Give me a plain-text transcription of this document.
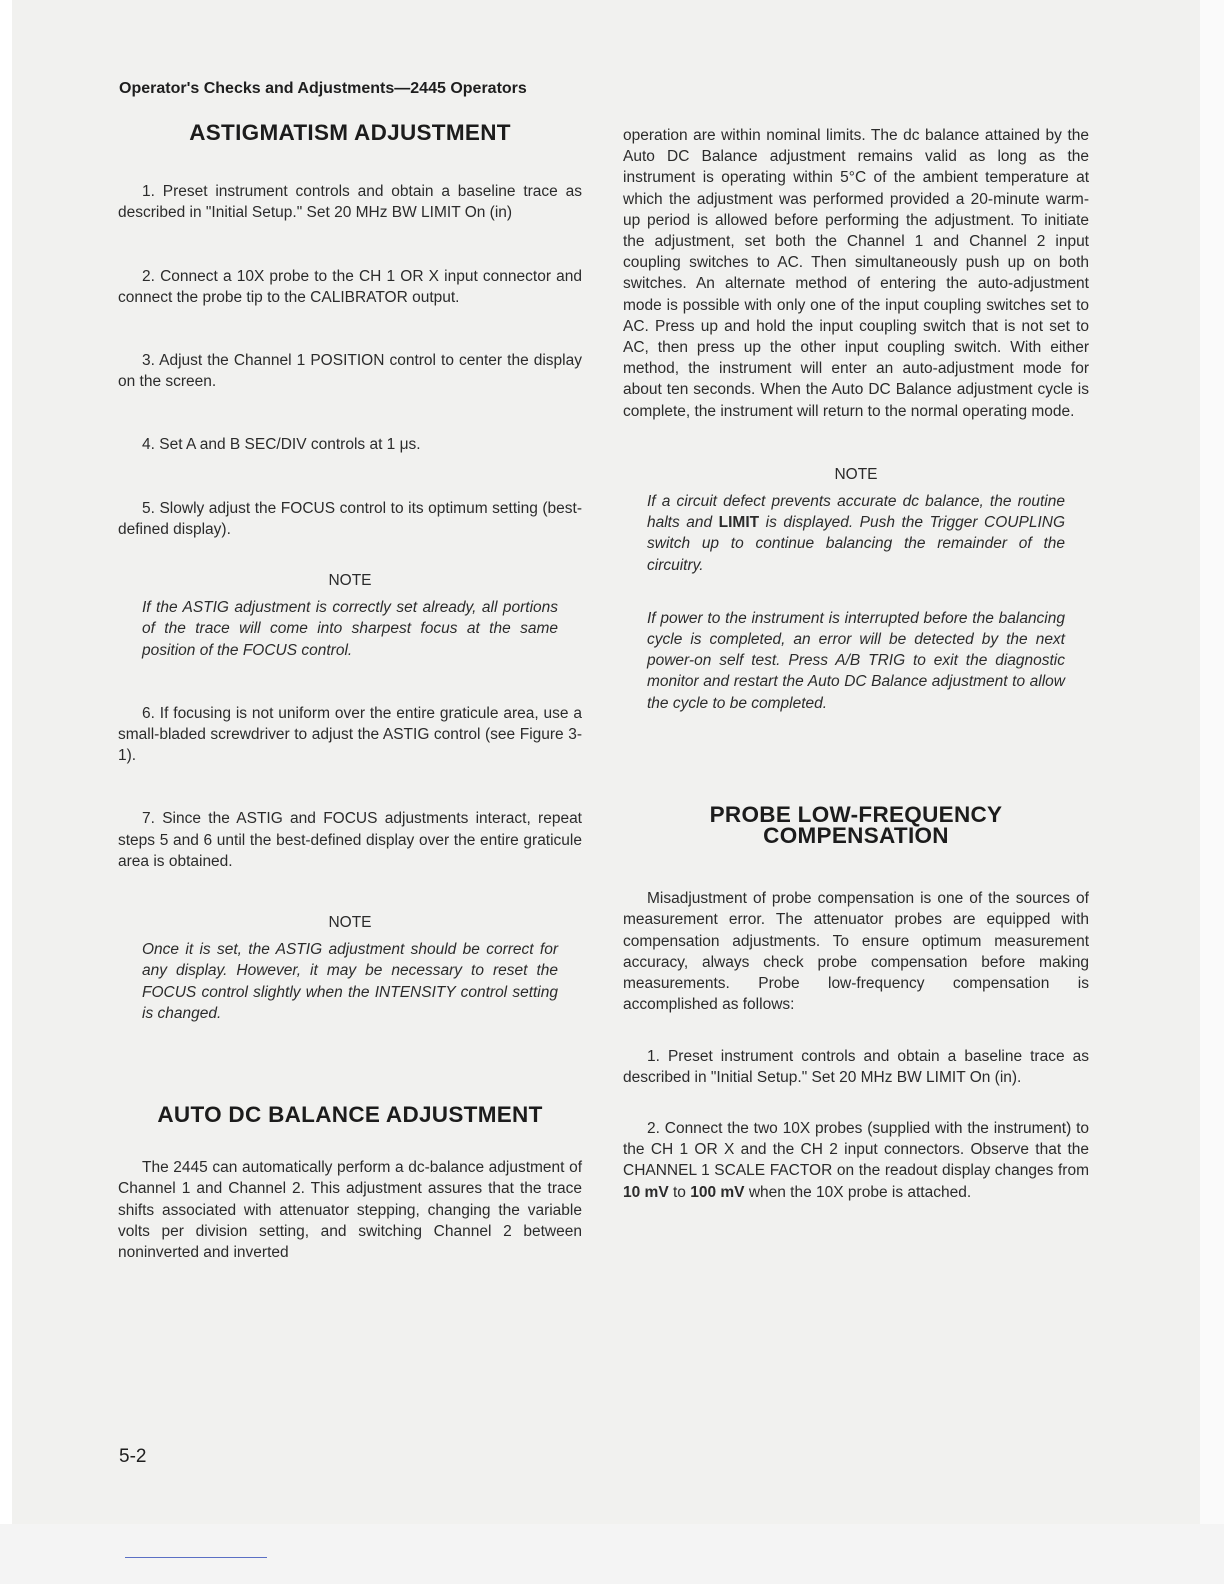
Operator's Checks and Adjustments—2445 Operators

ASTIGMATISM ADJUSTMENT

1. Preset instrument controls and obtain a baseline trace as described in "Initial Setup." Set 20 MHz BW LIMIT On (in)

2. Connect a 10X probe to the CH 1 OR X input connector and connect the probe tip to the CALIBRATOR output.

3. Adjust the Channel 1 POSITION control to center the display on the screen.

4. Set A and B SEC/DIV controls at 1 μs.

5. Slowly adjust the FOCUS control to its optimum setting (best-defined display).

NOTE

If the ASTIG adjustment is correctly set already, all portions of the trace will come into sharpest focus at the same position of the FOCUS control.

6. If focusing is not uniform over the entire graticule area, use a small-bladed screwdriver to adjust the ASTIG control (see Figure 3-1).

7. Since the ASTIG and FOCUS adjustments interact, repeat steps 5 and 6 until the best-defined display over the entire graticule area is obtained.

NOTE

Once it is set, the ASTIG adjustment should be correct for any display. However, it may be necessary to reset the FOCUS control slightly when the INTENSITY control setting is changed.

AUTO DC BALANCE ADJUSTMENT

The 2445 can automatically perform a dc-balance adjustment of Channel 1 and Channel 2. This adjustment assures that the trace shifts associated with attenuator stepping, changing the variable volts per division setting, and switching Channel 2 between noninverted and inverted

operation are within nominal limits. The dc balance attained by the Auto DC Balance adjustment remains valid as long as the instrument is operating within 5°C of the ambient temperature at which the adjustment was performed provided a 20-minute warm-up period is allowed before performing the adjustment. To initiate the adjustment, set both the Channel 1 and Channel 2 input coupling switches to AC. Then simultaneously push up on both switches. An alternate method of entering the auto-adjustment mode is possible with only one of the input coupling switches set to AC. Press up and hold the input coupling switch that is not set to AC, then press up the other input coupling switch. With either method, the instrument will enter an auto-adjustment mode for about ten seconds. When the Auto DC Balance adjustment cycle is complete, the instrument will return to the normal operating mode.

NOTE

If a circuit defect prevents accurate dc balance, the routine halts and LIMIT is displayed. Push the Trigger COUPLING switch up to continue balancing the remainder of the circuitry.

If power to the instrument is interrupted before the balancing cycle is completed, an error will be detected by the next power-on self test. Press A/B TRIG to exit the diagnostic monitor and restart the Auto DC Balance adjustment to allow the cycle to be completed.

PROBE LOW-FREQUENCY
COMPENSATION

Misadjustment of probe compensation is one of the sources of measurement error. The attenuator probes are equipped with compensation adjustments. To ensure optimum measurement accuracy, always check probe compensation before making measurements. Probe low-frequency compensation is accomplished as follows:

1. Preset instrument controls and obtain a baseline trace as described in "Initial Setup." Set 20 MHz BW LIMIT On (in).

2. Connect the two 10X probes (supplied with the instrument) to the CH 1 OR X and the CH 2 input connectors. Observe that the CHANNEL 1 SCALE FACTOR on the readout display changes from 10 mV to 100 mV when the 10X probe is attached.

5-2
